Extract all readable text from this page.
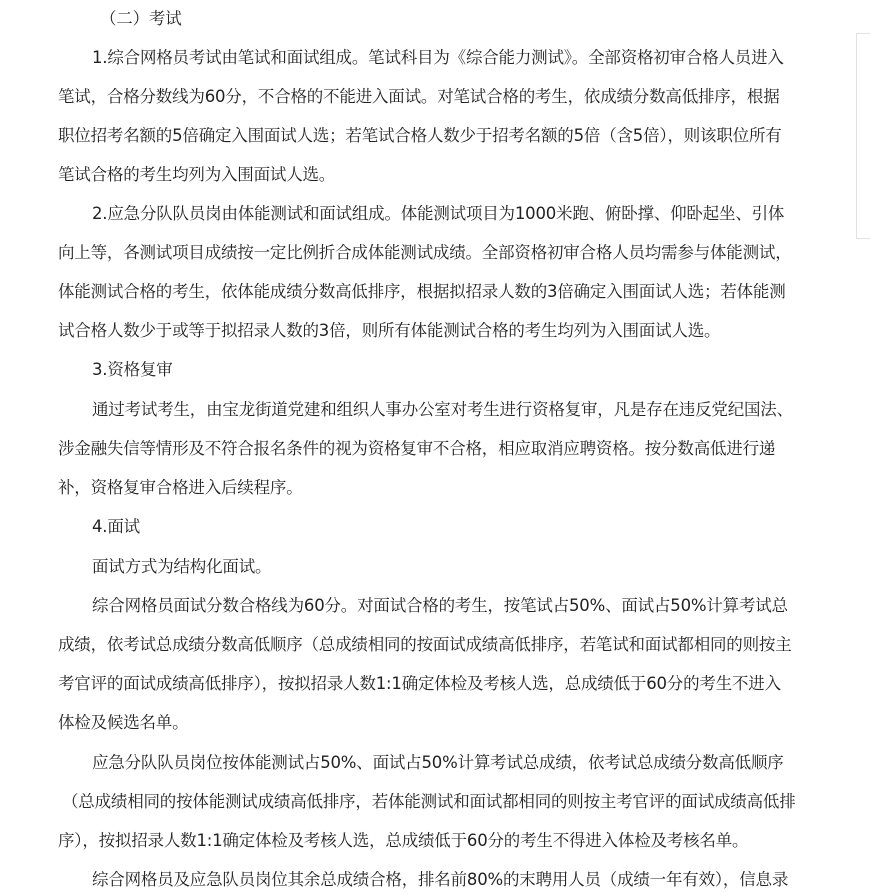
（二）考试
1.综合网格员考试由笔试和面试组成。笔试科目为《综合能力测试》。全部资格初审合格人员进入
笔试，合格分数线为60分，不合格的不能进入面试。对笔试合格的考生，依成绩分数高低排序，根据
职位招考名额的5倍确定入围面试人选；若笔试合格人数少于招考名额的5倍（含5倍），则该职位所有
笔试合格的考生均列为入围面试人选。
2.应急分队队员岗由体能测试和面试组成。体能测试项目为1000米跑、俯卧撑、仰卧起坐、引体
向上等，各测试项目成绩按一定比例折合成体能测试成绩。全部资格初审合格人员均需参与体能测试，
体能测试合格的考生，依体能成绩分数高低排序，根据拟招录人数的3倍确定入围面试人选；若体能测
试合格人数少于或等于拟招录人数的3倍，则所有体能测试合格的考生均列为入围面试人选。
3.资格复审
通过考试考生，由宝龙街道党建和组织人事办公室对考生进行资格复审，凡是存在违反党纪国法、
涉金融失信等情形及不符合报名条件的视为资格复审不合格，相应取消应聘资格。按分数高低进行递
补，资格复审合格进入后续程序。
4.面试
面试方式为结构化面试。
综合网格员面试分数合格线为60分。对面试合格的考生，按笔试占50%、面试占50%计算考试总
成绩，依考试总成绩分数高低顺序（总成绩相同的按面试成绩高低排序，若笔试和面试都相同的则按主
考官评的面试成绩高低排序），按拟招录人数1:1确定体检及考核人选，总成绩低于60分的考生不进入
体检及候选名单。
应急分队队员岗位按体能测试占50%、面试占50%计算考试总成绩，依考试总成绩分数高低顺序
（总成绩相同的按体能测试成绩高低排序，若体能测试和面试都相同的则按主考官评的面试成绩高低排
序），按拟招录人数1:1确定体检及考核人选，总成绩低于60分的考生不得进入体检及考核名单。
综合网格员及应急队员岗位其余总成绩合格，排名前80%的末聘用人员（成绩一年有效），信息录
